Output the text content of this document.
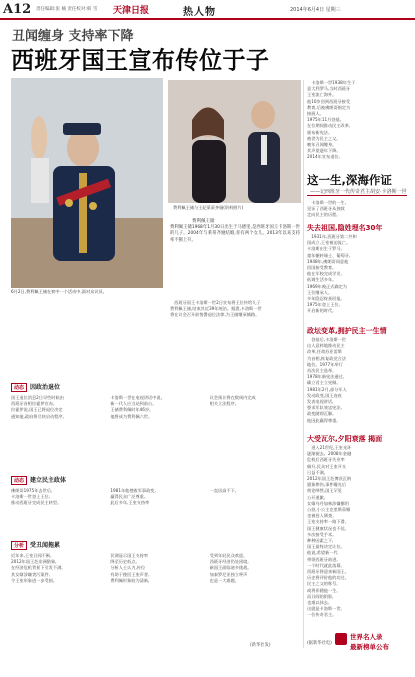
A12 责任编辑:张 楠 责任校对:韩 雪 天津日报	热人物	2014年6月4日 星期三
丑闻缠身 支持率下降
西班牙国王宣布传位于子
6月2日,费利佩王储在初中一个活动中,面对众议员。
费利佩王储与王妃莱蒂齐娅(资料照片)
费利佩王储
费利佩王储1968年1月30日出生于马德里,是西班牙国王卡洛斯一世的儿子。2004年与莱蒂齐娅结婚,育有两个女儿。2013年以来支持率不断上升。
　西班牙国王卡洛斯一世2日宣布将王位传给儿子
费利佩王储,结束其近39年统治。据悉,卡洛斯一世
将在议会召开前签署退位法律,为王储继承铺路。
动态 因政治退位
国王退位消息2日早些时候由
西班牙首相拉霍伊宣布。
拉霍伊说,国王已将退位决定
通知他,政府将尽快启动程序。
卡洛斯一世在电视讲话中说,
新一代人应当站到前台。
王储费利佩时年46岁。
他将成为费利佩六世。
议会预计将在数周内完成
相关立法程序。
动态 建立民主政体
佛朗哥1975年去世后,
卡洛斯一世登上王位,
推动西班牙完成民主转型。
1981年他挫败军事政变,
赢得民众广泛尊重。
此后多年,王室支持率
一直居高不下。
分析 受丑闻拖累
近年来,王室丑闻不断。
2012年国王赴非洲猎象,
在经济危机背景下引发不满。
其女婿涉嫌贪污案件,
令王室形象进一步受损。
民调显示国王支持率
降至历史低点。
分析人士认为,传位
有助于挽回王室声誉。
费利佩形象较为清新,
受到年轻民众欢迎。
西班牙经济仍处困境,
新国王面临诸多挑战。
加泰罗尼亚独立呼声
也是一大难题。
(新华社发)
　卡洛斯一世1938年生于
意大利罗马,当时西班牙
王室流亡海外。
他10岁回到西班牙接受
教育,后被佛朗哥指定为
接班人。
1975年11月登基。
在位期间推动民主改革,
颁布新宪法。
被誉为民主之父。
晚年丑闻缠身。
其声望逐年下降。
2014年宣布退位。
这一生,深海作证
——记西班牙一代传奇君主胡安·卡洛斯一世
　卡洛斯一世的一生,
见证了西班牙从独裁
走向民主的历程。
失去祖国,隐姓埋名30年
　1931年,西班牙第二共和
国成立,王室被迫流亡。
卡洛斯出生于罗马,
童年辗转瑞士、葡萄牙。
1948年,佛朗哥同意他
回国接受教育。
他在军校完成学业,
低调生活多年。
1969年被正式确定为
王位继承人。
多年隐忍终获回报。
1975年登上王位。
开启新的时代。
政坛变革,拥护民主一生情
　登基后,卡洛斯一世
出人意料地推动民主
改革,任命苏亚雷斯
为首相,恢复政党合法
地位。1977年举行
首次民主选举。
1978年新宪法通过,
确立君主立宪制。
1981年2月,部分军人
发动政变,国王连夜
发表电视讲话,
要求军队效忠宪法,
政变随即瓦解。
他因此赢得尊重。
大受瓦尔,夕阳衰落 揭面
　进入21世纪,王室光环
逐渐褪去。2008年金融
危机后西班牙失业率
飙升,民众对王室开支
日益不满。
2012年国王赴博茨瓦纳
猎象摔伤,事件曝光后
舆论哗然,国王罕见
公开道歉。
女婿乌丹加林涉嫌挪用
公款,小公主克里斯蒂娜
也被卷入调查。
王室支持率一路下滑。
国王健康状况也不佳,
多次接受手术。
种种因素之下,
国王最终决定让位。
他说,希望新一代
带领西班牙前进。
一个时代就此落幕。
西班牙将迎来新国王。
历史将评价他的功过。
民主之父的称号,
或将伴随他一生。
而丑闻的阴影,
也难以抹去。
这就是卡洛斯一世。
一位传奇君主。
(据新华社电)
世界名人录
最新榜单公布
